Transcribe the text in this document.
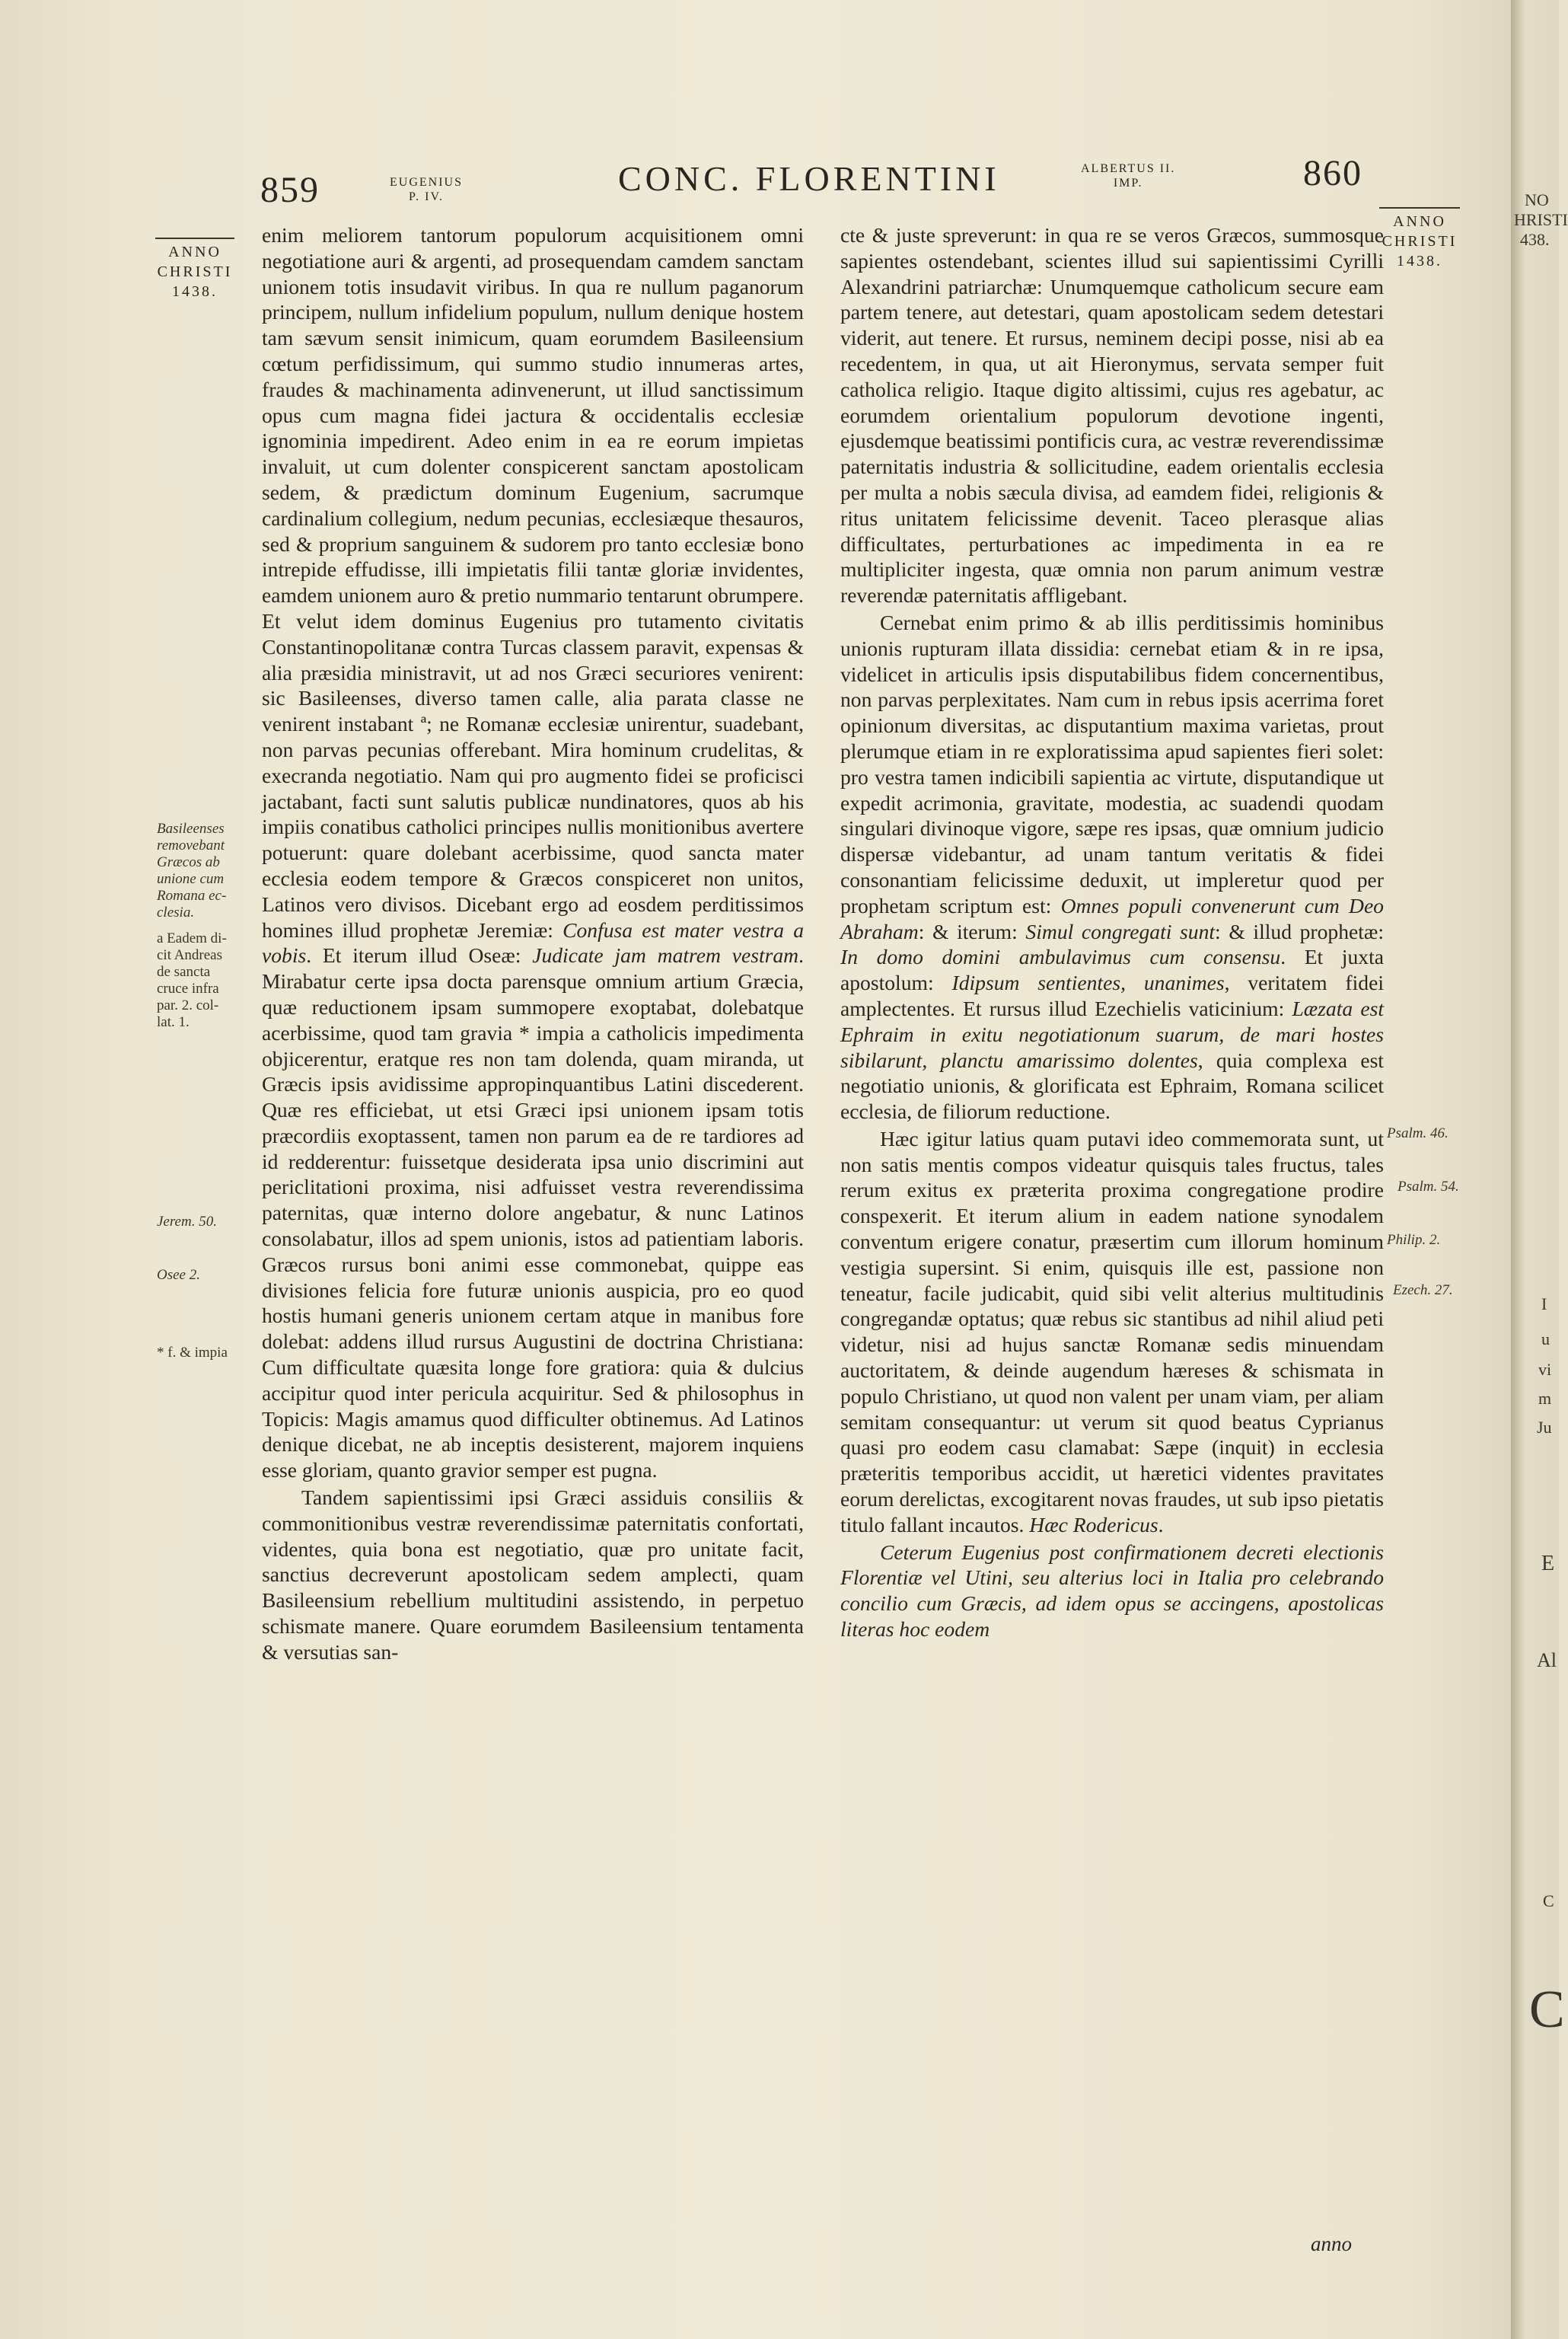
859	EUGENIUS
P. IV.	CONC. FLORENTINI	ALBERTUS II.
IMP.	860
ANNO
CHRISTI
1438.
ANNO
CHRISTI
1438.
Basileenses
removebant
Græcos ab
unione cum
Romana ec-
clesia.
a Eadem di-
cit Andreas
de sancta
cruce infra
par. 2. col-
lat. 1.
Jerem. 50.
Osee 2.
* f. & impia
Psalm. 46.
Psalm. 54.
Philip. 2.
Ezech. 27.

enim meliorem tantorum populorum acquisitionem omni negotiatione auri & argenti, ad prosequendam camdem sanctam unionem totis insudavit viribus. In qua re nullum paganorum principem, nullum infidelium populum, nullum denique hostem tam sævum sensit inimicum, quam eorumdem Basileensium cœtum perfidissimum, qui summo studio innumeras artes, fraudes & machinamenta adinvenerunt, ut illud sanctissimum opus cum magna fidei jactura & occidentalis ecclesiæ ignominia impedirent. Adeo enim in ea re eorum impietas invaluit, ut cum dolenter conspicerent sanctam apostolicam sedem, & prædictum dominum Eugenium, sacrumque cardinalium collegium, nedum pecunias, ecclesiæque thesauros, sed & proprium sanguinem & sudorem pro tanto ecclesiæ bono intrepide effudisse, illi impietatis filii tantæ gloriæ invidentes, eamdem unionem auro & pretio nummario tentarunt obrumpere. Et velut idem dominus Eugenius pro tutamento civitatis Constantinopolitanæ contra Turcas classem paravit, expensas & alia præsidia ministravit, ut ad nos Græci securiores venirent: sic Basileenses, diverso tamen calle, alia parata classe ne venirent instabant ª; ne Romanæ ecclesiæ unirentur, suadebant, non parvas pecunias offerebant. Mira hominum crudelitas, & execranda negotiatio. Nam qui pro augmento fidei se proficisci jactabant, facti sunt salutis publicæ nundinatores, quos ab his impiis conatibus catholici principes nullis monitionibus avertere potuerunt: quare dolebant acerbissime, quod sancta mater ecclesia eodem tempore & Græcos conspiceret non unitos, Latinos vero divisos. Dicebant ergo ad eosdem perditissimos homines illud prophetæ Jeremiæ: Confusa est mater vestra a vobis. Et iterum illud Oseæ: Judicate jam matrem vestram. Mirabatur certe ipsa docta parensque omnium artium Græcia, quæ reductionem ipsam summopere exoptabat, dolebatque acerbissime, quod tam gravia * impia a catholicis impedimenta objicerentur, eratque res non tam dolenda, quam miranda, ut Græcis ipsis avidissime appropinquantibus Latini discederent. Quæ res efficiebat, ut etsi Græci ipsi unionem ipsam totis præcordiis exoptassent, tamen non parum ea de re tardiores ad id redderentur: fuissetque desiderata ipsa unio discrimini aut periclitationi proxima, nisi adfuisset vestra reverendissima paternitas, quæ interno dolore angebatur, & nunc Latinos consolabatur, illos ad spem unionis, istos ad patientiam laboris. Græcos rursus boni animi esse commonebat, quippe eas divisiones felicia fore futuræ unionis auspicia, pro eo quod hostis humani generis unionem certam atque in manibus fore dolebat: addens illud rursus Augustini de doctrina Christiana: Cum difficultate quæsita longe fore gratiora: quia & dulcius accipitur quod inter pericula acquiritur. Sed & philosophus in Topicis: Magis amamus quod difficulter obtinemus. Ad Latinos denique dicebat, ne ab inceptis desisterent, majorem inquiens esse gloriam, quanto gravior semper est pugna.

Tandem sapientissimi ipsi Græci assiduis consiliis & commonitionibus vestræ reverendissimæ paternitatis confortati, videntes, quia bona est negotiatio, quæ pro unitate facit, sanctius decreverunt apostolicam sedem amplecti, quam Basileensium rebellium multitudini assistendo, in perpetuo schismate manere. Quare eorumdem Basileensium tentamenta & versutias san-

cte & juste spreverunt: in qua re se veros Græcos, summosque sapientes ostendebant, scientes illud sui sapientissimi Cyrilli Alexandrini patriarchæ: Unumquemque catholicum secure eam partem tenere, aut detestari, quam apostolicam sedem detestari viderit, aut tenere. Et rursus, neminem decipi posse, nisi ab ea recedentem, in qua, ut ait Hieronymus, servata semper fuit catholica religio. Itaque digito altissimi, cujus res agebatur, ac eorumdem orientalium populorum devotione ingenti, ejusdemque beatissimi pontificis cura, ac vestræ reverendissimæ paternitatis industria & sollicitudine, eadem orientalis ecclesia per multa a nobis sæcula divisa, ad eamdem fidei, religionis & ritus unitatem felicissime devenit. Taceo plerasque alias difficultates, perturbationes ac impedimenta in ea re multipliciter ingesta, quæ omnia non parum animum vestræ reverendæ paternitatis affligebant.

Cernebat enim primo & ab illis perditissimis hominibus unionis rupturam illata dissidia: cernebat etiam & in re ipsa, videlicet in articulis ipsis disputabilibus fidem concernentibus, non parvas perplexitates. Nam cum in rebus ipsis acerrima foret opinionum diversitas, ac disputantium maxima varietas, prout plerumque etiam in re exploratissima apud sapientes fieri solet: pro vestra tamen indicibili sapientia ac virtute, disputandique ut expedit acrimonia, gravitate, modestia, ac suadendi quodam singulari divinoque vigore, sæpe res ipsas, quæ omnium judicio dispersæ videbantur, ad unam tantum veritatis & fidei consonantiam felicissime deduxit, ut impleretur quod per prophetam scriptum est: Omnes populi convenerunt cum Deo Abraham: & iterum: Simul congregati sunt: & illud prophetæ: In domo domini ambulavimus cum consensu. Et juxta apostolum: Idipsum sentientes, unanimes, veritatem fidei amplectentes. Et rursus illud Ezechielis vaticinium: Læzata est Ephraim in exitu negotiationum suarum, de mari hostes sibilarunt, planctu amarissimo dolentes, quia complexa est negotiatio unionis, & glorificata est Ephraim, Romana scilicet ecclesia, de filiorum reductione.

Hæc igitur latius quam putavi ideo commemorata sunt, ut non satis mentis compos videatur quisquis tales fructus, tales rerum exitus ex præterita proxima congregatione prodire conspexerit. Et iterum alium in eadem natione synodalem conventum erigere conatur, præsertim cum illorum hominum vestigia supersint. Si enim, quisquis ille est, passione non teneatur, facile judicabit, quid sibi velit alterius multitudinis congregandæ optatus; quæ rebus sic stantibus ad nihil aliud peti videtur, nisi ad hujus sanctæ Romanæ sedis minuendam auctoritatem, & deinde augendum hæreses & schismata in populo Christiano, ut quod non valent per unam viam, per aliam semitam consequantur: ut verum sit quod beatus Cyprianus quasi pro eodem casu clamabat: Sæpe (inquit) in ecclesia præteritis temporibus accidit, ut hæretici videntes pravitates eorum derelictas, excogitarent novas fraudes, ut sub ipso pietatis titulo fallant incautos. Hæc Rodericus.

Ceterum Eugenius post confirmationem decreti electionis Florentiæ vel Utini, seu alterius loci in Italia pro celebrando concilio cum Græcis, ad idem opus se accingens, apostolicas literas hoc eodem

anno
NO
HRISTI
438.
I
u
vi
m
Ju
E
Al
C
C
